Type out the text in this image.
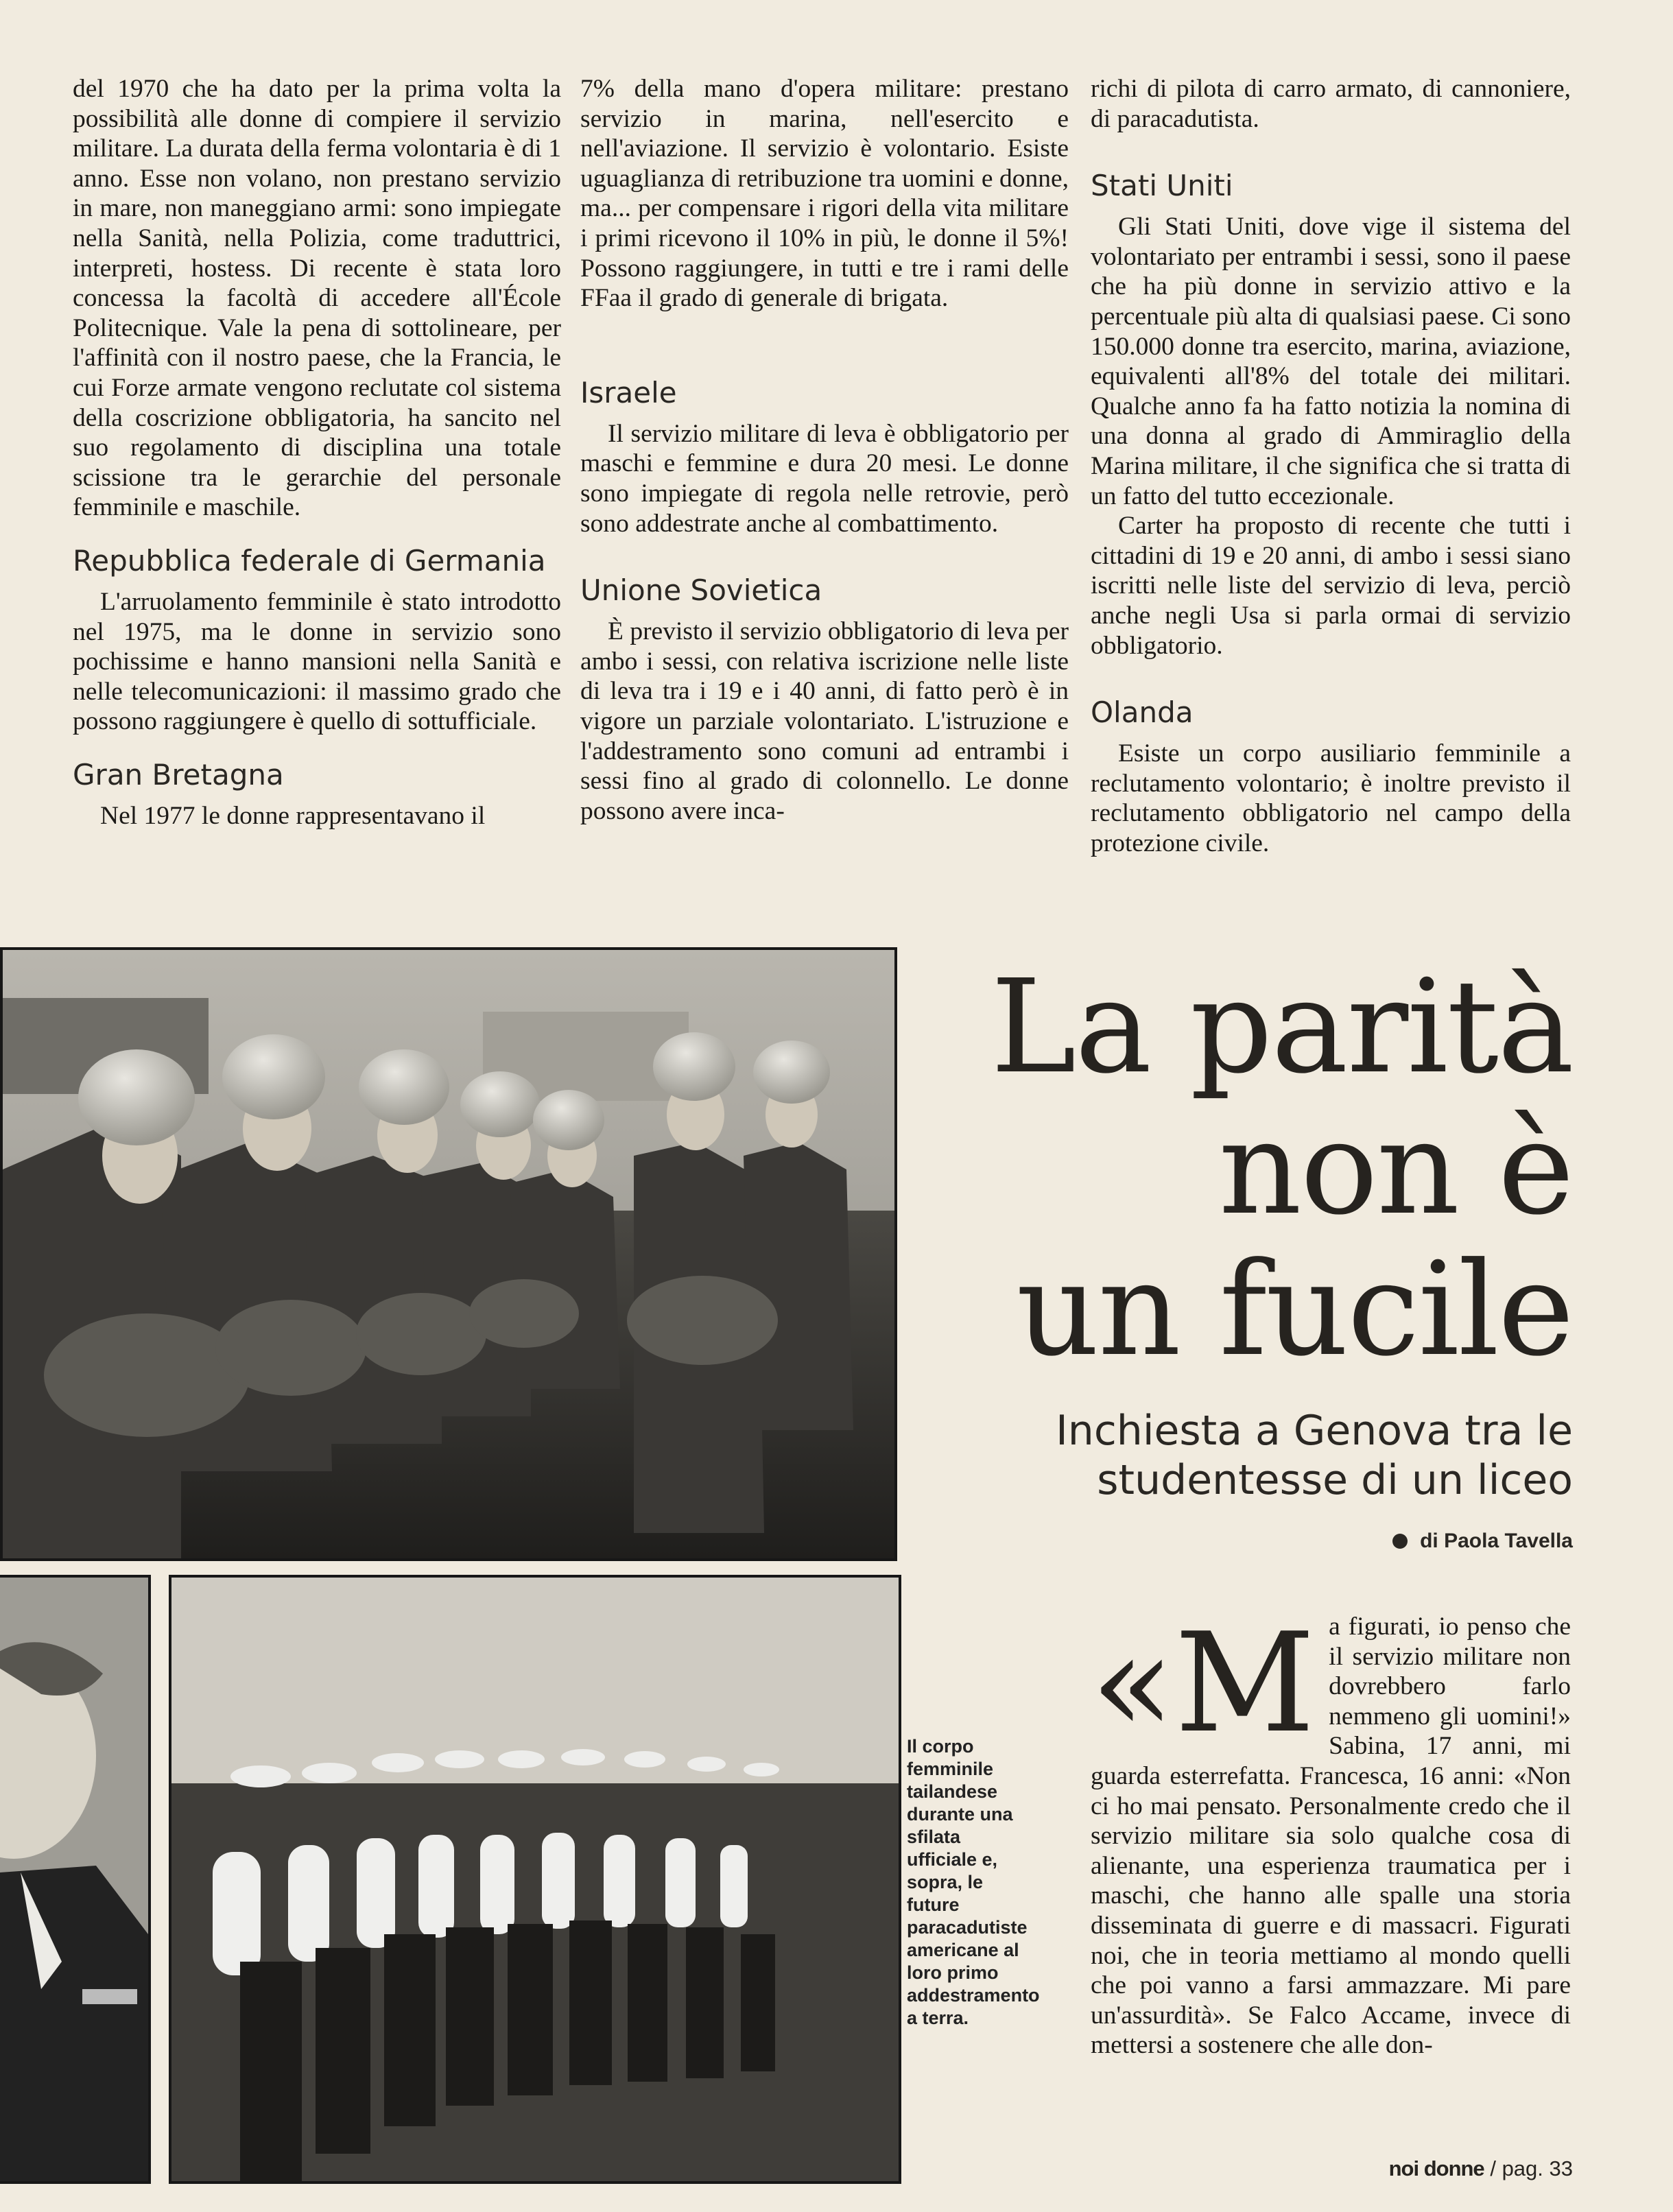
del 1970 che ha dato per la prima volta la possibilità alle donne di compiere il servizio militare. La durata della ferma volontaria è di 1 anno. Esse non volano, non prestano servizio in mare, non maneggiano armi: sono impiegate nella Sanità, nella Polizia, come traduttrici, interpreti, hostess. Di recente è stata loro concessa la facoltà di accedere all'École Politecnique. Vale la pena di sottolineare, per l'affinità con il nostro paese, che la Francia, le cui Forze armate vengono reclutate col sistema della coscrizione obbligatoria, ha sancito nel suo regolamento di disciplina una totale scissione tra le gerarchie del personale femminile e maschile.

Repubblica federale di Germania

L'arruolamento femminile è stato introdotto nel 1975, ma le donne in servizio sono pochissime e hanno mansioni nella Sanità e nelle telecomunicazioni: il massimo grado che possono raggiungere è quello di sottufficiale.

Gran Bretagna

Nel 1977 le donne rappresentavano il

7% della mano d'opera militare: prestano servizio in marina, nell'esercito e nell'aviazione. Il servizio è volontario. Esiste uguaglianza di retribuzione tra uomini e donne, ma... per compensare i rigori della vita militare i primi ricevono il 10% in più, le donne il 5%! Possono raggiungere, in tutti e tre i rami delle FFaa il grado di generale di brigata.

Israele

Il servizio militare di leva è obbligatorio per maschi e femmine e dura 20 mesi. Le donne sono impiegate di regola nelle retrovie, però sono addestrate anche al combattimento.

Unione Sovietica

È previsto il servizio obbligatorio di leva per ambo i sessi, con relativa iscrizione nelle liste di leva tra i 19 e i 40 anni, di fatto però è in vigore un parziale volontariato. L'istruzione e l'addestramento sono comuni ad entrambi i sessi fino al grado di colonnello. Le donne possono avere inca-

richi di pilota di carro armato, di cannoniere, di paracadutista.

Stati Uniti

Gli Stati Uniti, dove vige il sistema del volontariato per entrambi i sessi, sono il paese che ha più donne in servizio attivo e la percentuale più alta di qualsiasi paese. Ci sono 150.000 donne tra esercito, marina, aviazione, equivalenti all'8% del totale dei militari. Qualche anno fa ha fatto notizia la nomina di una donna al grado di Ammiraglio della Marina militare, il che significa che si tratta di un fatto del tutto eccezionale.

Carter ha proposto di recente che tutti i cittadini di 19 e 20 anni, di ambo i sessi siano iscritti nelle liste del servizio di leva, perciò anche negli Usa si parla ormai di servizio obbligatorio.

Olanda

Esiste un corpo ausiliario femminile a reclutamento volontario; è inoltre previsto il reclutamento obbligatorio nel campo della protezione civile.

La parità
non è
un fucile
Inchiesta a Genova tra le
studentesse di un liceo
di Paola Tavella
Il corpo femminile tailandese durante una sfilata ufficiale e, sopra, le future paracadutiste americane al loro primo addestramento a terra.
«M a figurati, io penso che il servizio militare non dovrebbero farlo nemmeno gli uomini!» Sabina, 17 anni, mi guarda esterrefatta. Francesca, 16 anni: «Non ci ho mai pensato. Personalmente credo che il servizio militare sia solo qualche cosa di alienante, una esperienza traumatica per i maschi, che hanno alle spalle una storia disseminata di guerre e di massacri. Figurati noi, che in teoria mettiamo al mondo quelli che poi vanno a farsi ammazzare. Mi pare un'assurdità». Se Falco Accame, invece di mettersi a sostenere che alle don-
noi donne / pag. 33
